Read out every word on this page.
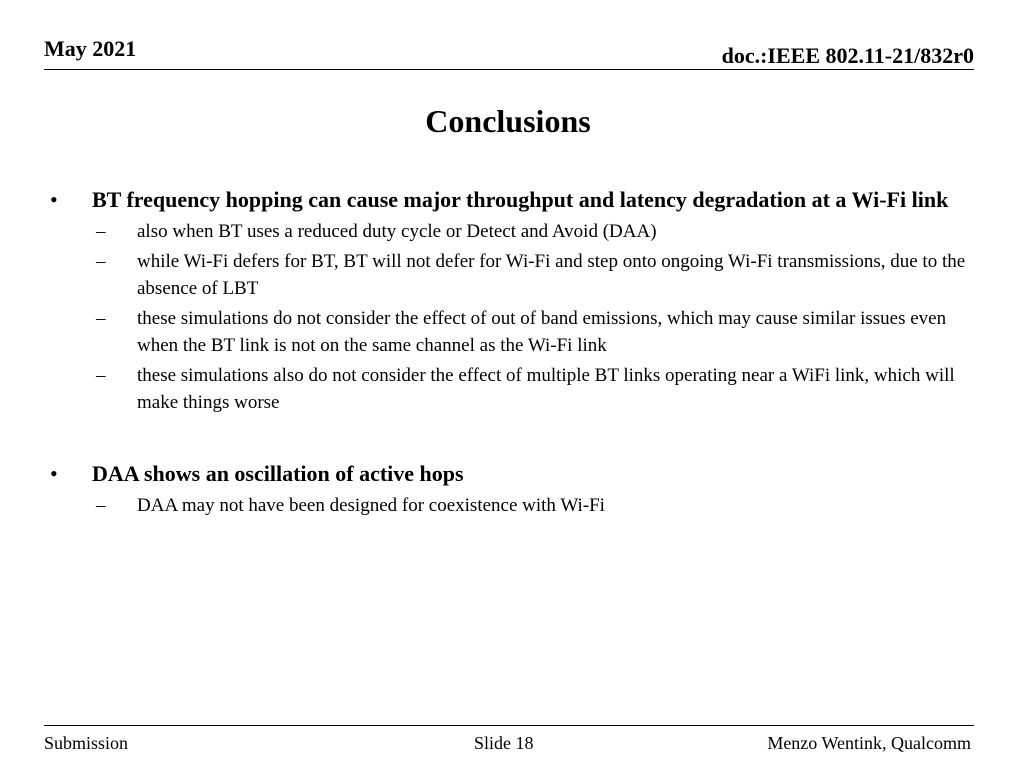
May 2021	doc.:IEEE 802.11-21/832r0
Conclusions
•	BT frequency hopping can cause major throughput and latency degradation at a Wi-Fi link
–	also when BT uses a reduced duty cycle or Detect and Avoid (DAA)
–	while Wi-Fi defers for BT, BT will not defer for Wi-Fi and step onto ongoing Wi-Fi transmissions, due to the absence of LBT
–	these simulations do not consider the effect of out of band emissions, which may cause similar issues even when the BT link is not on the same channel as the Wi-Fi link
–	these simulations also do not consider the effect of multiple BT links operating near a WiFi link, which will make things worse
•	DAA shows an oscillation of active hops
–	DAA may not have been designed for coexistence with Wi-Fi
Submission	Slide 18	Menzo Wentink, Qualcomm
